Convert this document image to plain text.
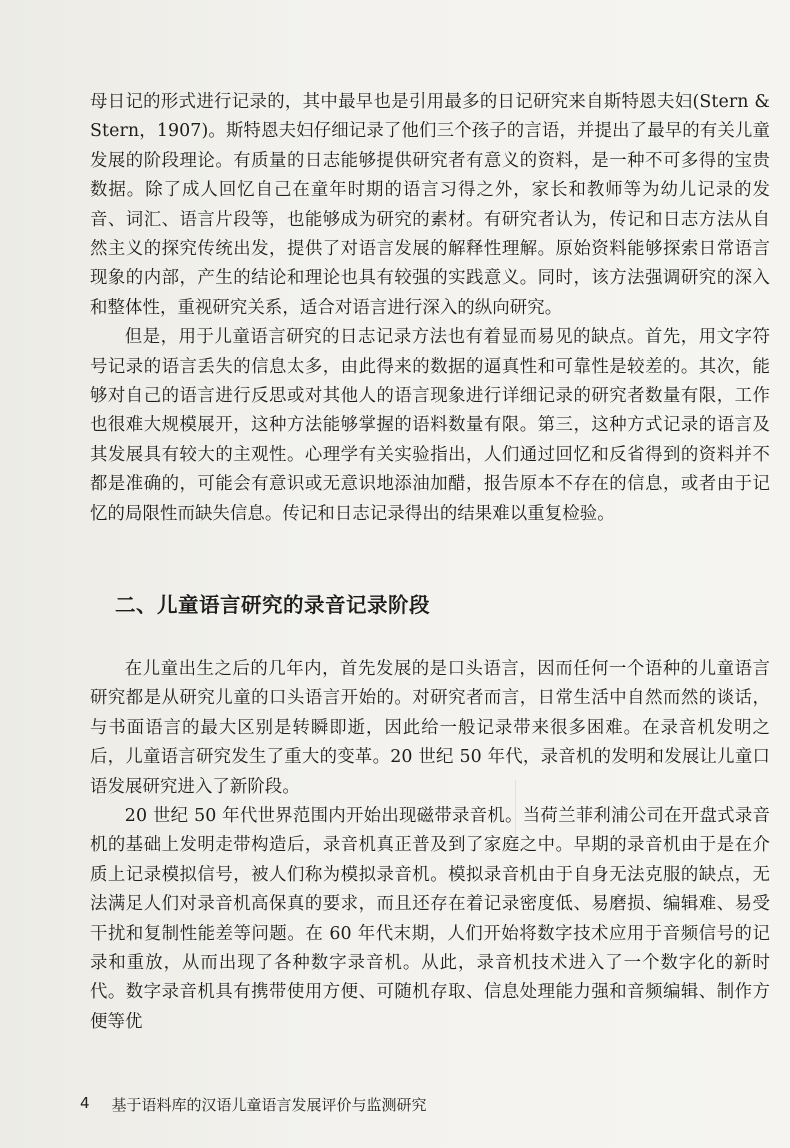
母日记的形式进行记录的，其中最早也是引用最多的日记研究来自斯特恩夫妇(Stern & Stern，1907)。斯特恩夫妇仔细记录了他们三个孩子的言语，并提出了最早的有关儿童发展的阶段理论。有质量的日志能够提供研究者有意义的资料，是一种不可多得的宝贵数据。除了成人回忆自己在童年时期的语言习得之外，家长和教师等为幼儿记录的发音、词汇、语言片段等，也能够成为研究的素材。有研究者认为，传记和日志方法从自然主义的探究传统出发，提供了对语言发展的解释性理解。原始资料能够探索日常语言现象的内部，产生的结论和理论也具有较强的实践意义。同时，该方法强调研究的深入和整体性，重视研究关系，适合对语言进行深入的纵向研究。

但是，用于儿童语言研究的日志记录方法也有着显而易见的缺点。首先，用文字符号记录的语言丢失的信息太多，由此得来的数据的逼真性和可靠性是较差的。其次，能够对自己的语言进行反思或对其他人的语言现象进行详细记录的研究者数量有限，工作也很难大规模展开，这种方法能够掌握的语料数量有限。第三，这种方式记录的语言及其发展具有较大的主观性。心理学有关实验指出，人们通过回忆和反省得到的资料并不都是准确的，可能会有意识或无意识地添油加醋，报告原本不存在的信息，或者由于记忆的局限性而缺失信息。传记和日志记录得出的结果难以重复检验。

二、儿童语言研究的录音记录阶段

在儿童出生之后的几年内，首先发展的是口头语言，因而任何一个语种的儿童语言研究都是从研究儿童的口头语言开始的。对研究者而言，日常生活中自然而然的谈话，与书面语言的最大区别是转瞬即逝，因此给一般记录带来很多困难。在录音机发明之后，儿童语言研究发生了重大的变革。20 世纪 50 年代，录音机的发明和发展让儿童口语发展研究进入了新阶段。

20 世纪 50 年代世界范围内开始出现磁带录音机。当荷兰菲利浦公司在开盘式录音机的基础上发明走带构造后，录音机真正普及到了家庭之中。早期的录音机由于是在介质上记录模拟信号，被人们称为模拟录音机。模拟录音机由于自身无法克服的缺点，无法满足人们对录音机高保真的要求，而且还存在着记录密度低、易磨损、编辑难、易受干扰和复制性能差等问题。在 60 年代末期，人们开始将数字技术应用于音频信号的记录和重放，从而出现了各种数字录音机。从此，录音机技术进入了一个数字化的新时代。数字录音机具有携带使用方便、可随机存取、信息处理能力强和音频编辑、制作方便等优

4 基于语料库的汉语儿童语言发展评价与监测研究
